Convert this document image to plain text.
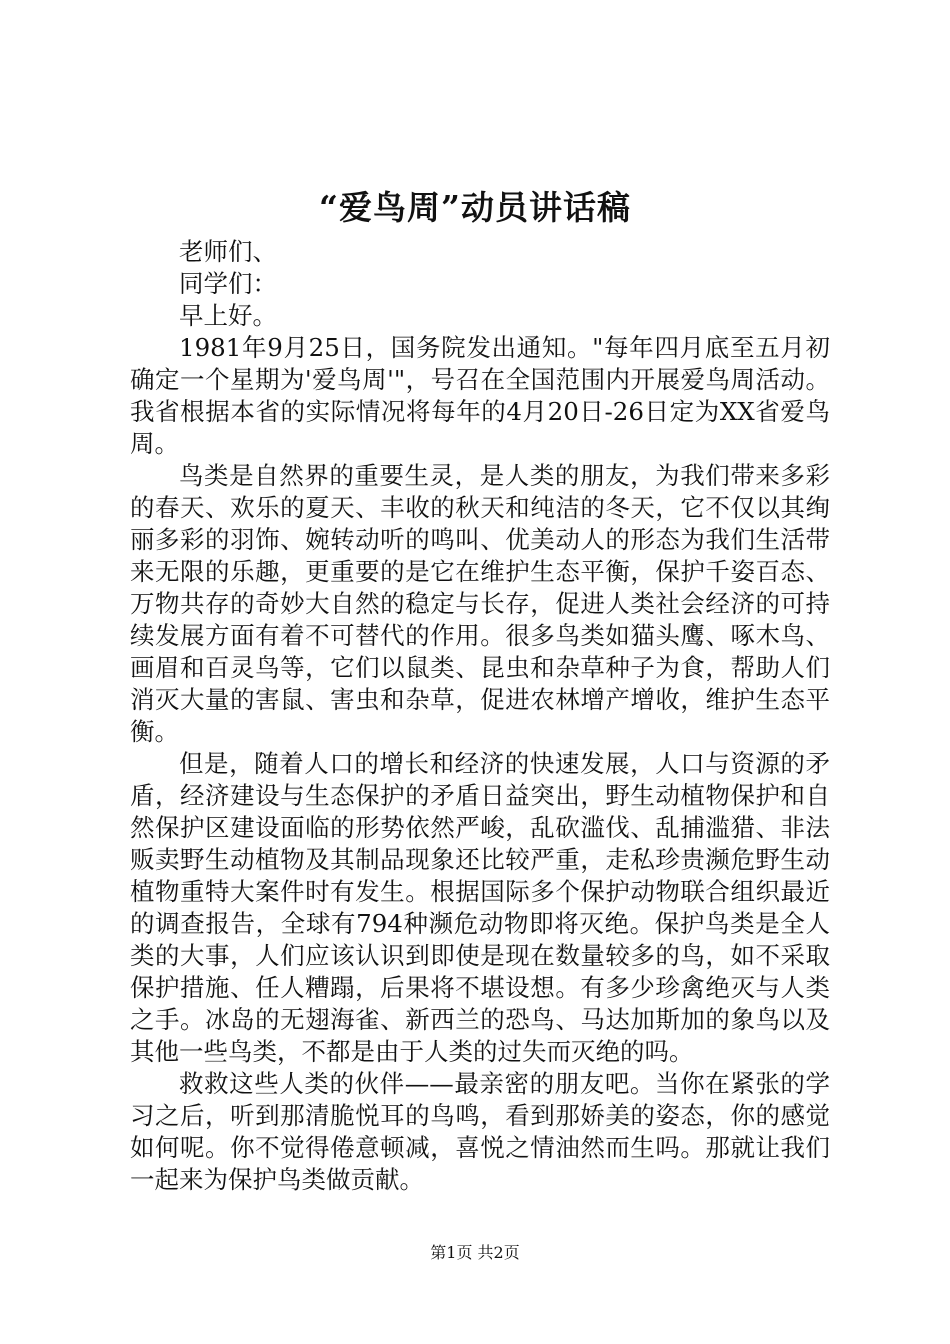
“爱鸟周”动员讲话稿

老师们、

同学们：

早上好。

1981年9月25日，国务院发出通知。"每年四月底至五月初确定一个星期为'爱鸟周'"，号召在全国范围内开展爱鸟周活动。我省根据本省的实际情况将每年的4月20日-26日定为XX省爱鸟周。

鸟类是自然界的重要生灵，是人类的朋友，为我们带来多彩的春天、欢乐的夏天、丰收的秋天和纯洁的冬天，它不仅以其绚丽多彩的羽饰、婉转动听的鸣叫、优美动人的形态为我们生活带来无限的乐趣，更重要的是它在维护生态平衡，保护千姿百态、万物共存的奇妙大自然的稳定与长存，促进人类社会经济的可持续发展方面有着不可替代的作用。很多鸟类如猫头鹰、啄木鸟、画眉和百灵鸟等，它们以鼠类、昆虫和杂草种子为食，帮助人们消灭大量的害鼠、害虫和杂草，促进农林增产增收，维护生态平衡。

但是，随着人口的增长和经济的快速发展，人口与资源的矛盾，经济建设与生态保护的矛盾日益突出，野生动植物保护和自然保护区建设面临的形势依然严峻，乱砍滥伐、乱捕滥猎、非法贩卖野生动植物及其制品现象还比较严重，走私珍贵濒危野生动植物重特大案件时有发生。根据国际多个保护动物联合组织最近的调查报告，全球有794种濒危动物即将灭绝。保护鸟类是全人类的大事，人们应该认识到即使是现在数量较多的鸟，如不采取保护措施、任人糟蹋，后果将不堪设想。有多少珍禽绝灭与人类之手。冰岛的无翅海雀、新西兰的恐鸟、马达加斯加的象鸟以及其他一些鸟类，不都是由于人类的过失而灭绝的吗。

救救这些人类的伙伴——最亲密的朋友吧。当你在紧张的学习之后，听到那清脆悦耳的鸟鸣，看到那娇美的姿态，你的感觉如何呢。你不觉得倦意顿减，喜悦之情油然而生吗。那就让我们一起来为保护鸟类做贡献。

第1页 共2页
